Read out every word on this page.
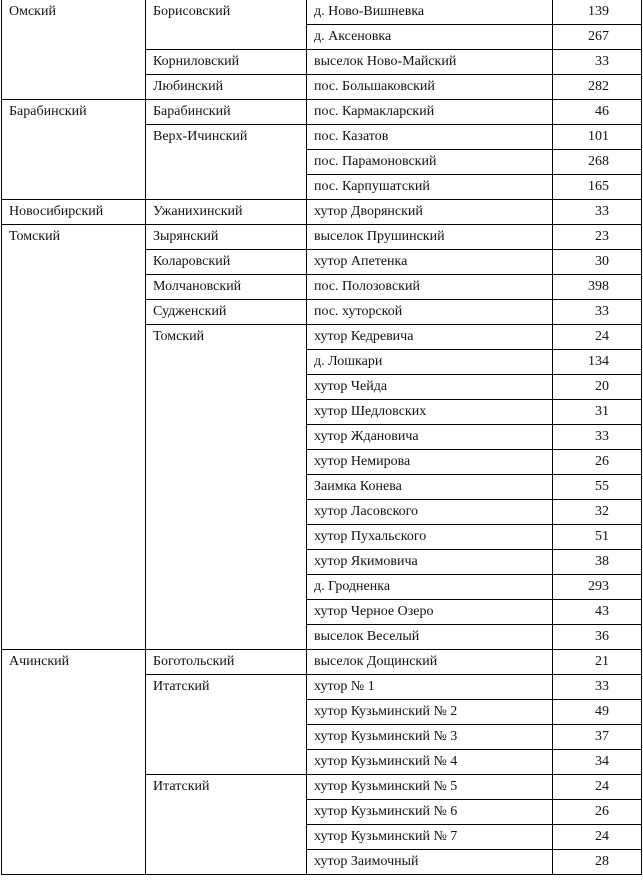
Омский	Борисовский	д. Ново-Вишневка	139
		д. Аксеновка	267
	Корниловский	выселок Ново-Майский	33
	Любинский	пос. Большаковский	282
Барабинский	Барабинский	пос. Кармакларский	46
	Верх-Ичинский	пос. Казатов	101
		пос. Парамоновский	268
		пос. Карпушатский	165
Новосибирский	Ужанихинский	хутор Дворянский	33
Томский	Зырянский	выселок Прушинский	23
	Коларовский	хутор Апетенка	30
	Молчановский	пос. Полозовский	398
	Судженский	пос. хуторской	33
	Томский	хутор Кедревича	24
		д. Лошкари	134
		хутор Чейда	20
		хутор Шедловских	31
		хутор Ждановича	33
		хутор Немирова	26
		Заимка Конева	55
		хутор Ласовского	32
		хутор Пухальского	51
		хутор Якимовича	38
		д. Гродненка	293
		хутор Черное Озеро	43
		выселок Веселый	36
Ачинский	Боготольский	выселок Дощинский	21
	Итатский	хутор № 1	33
		хутор Кузьминский № 2	49
		хутор Кузьминский № 3	37
		хутор Кузьминский № 4	34
	Итатский	хутор Кузьминский № 5	24
		хутор Кузьминский № 6	26
		хутор Кузьминский № 7	24
		хутор Заимочный	28
